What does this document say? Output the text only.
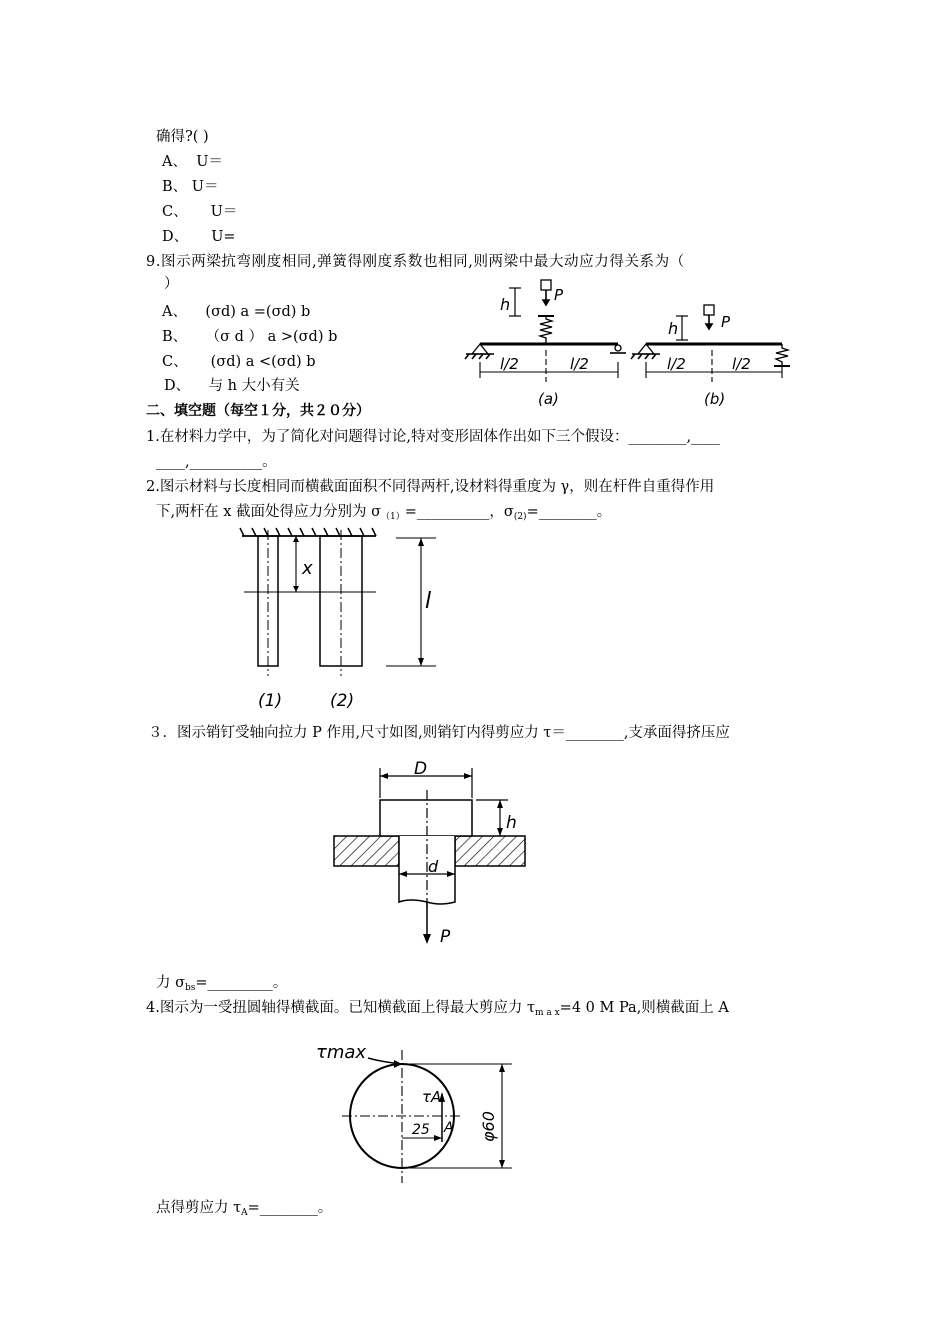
确得?( )
A、 U＝
B、 U＝
C、 U＝
D、 U=
9.图示两梁抗弯刚度相同,弹簧得刚度系数也相同,则两梁中最大动应力得关系为（
）
A、 (σd) a =(σd) b
B、 （σ d ） a >(σd) b
C、 (σd) a <(σd) b
D、 与 h 大小有关
h	P
l/2	l/2
(a)
h	P
l/2	l/2
(b)
二、填空题（每空１分，共２０分）
1.在材料力学中，为了简化对问题得讨论,特对变形固体作出如下三个假设：________,____
____,__________。
2.图示材料与长度相同而横截面面积不同得两杆,设材料得重度为 γ，则在杆件自重得作用
下,两杆在 x 截面处得应力分别为 $\sigma_{(1)}=\_\_\_\_\_\_\_\_\_\_$，$\sigma_{(2)}=\_\_\_\_\_\_\_\_$。
x
l
(1)	(2)
３．图示销钉受轴向拉力 P 作用,尺寸如图,则销钉内得剪应力 τ＝________,支承面得挤压应
D
h
d
P
力 $\sigma_{bs}=\_\_\_\_\_\_\_\_\_$。
4.图示为一受扭圆轴得横截面。已知横截面上得最大剪应力 $\tau_{m a x}=4$ 0 M Pa,则横截面上 A
τmax
τA
25 A φ60
点得剪应力 $\tau_A=\_\_\_\_\_\_\_\_$。
